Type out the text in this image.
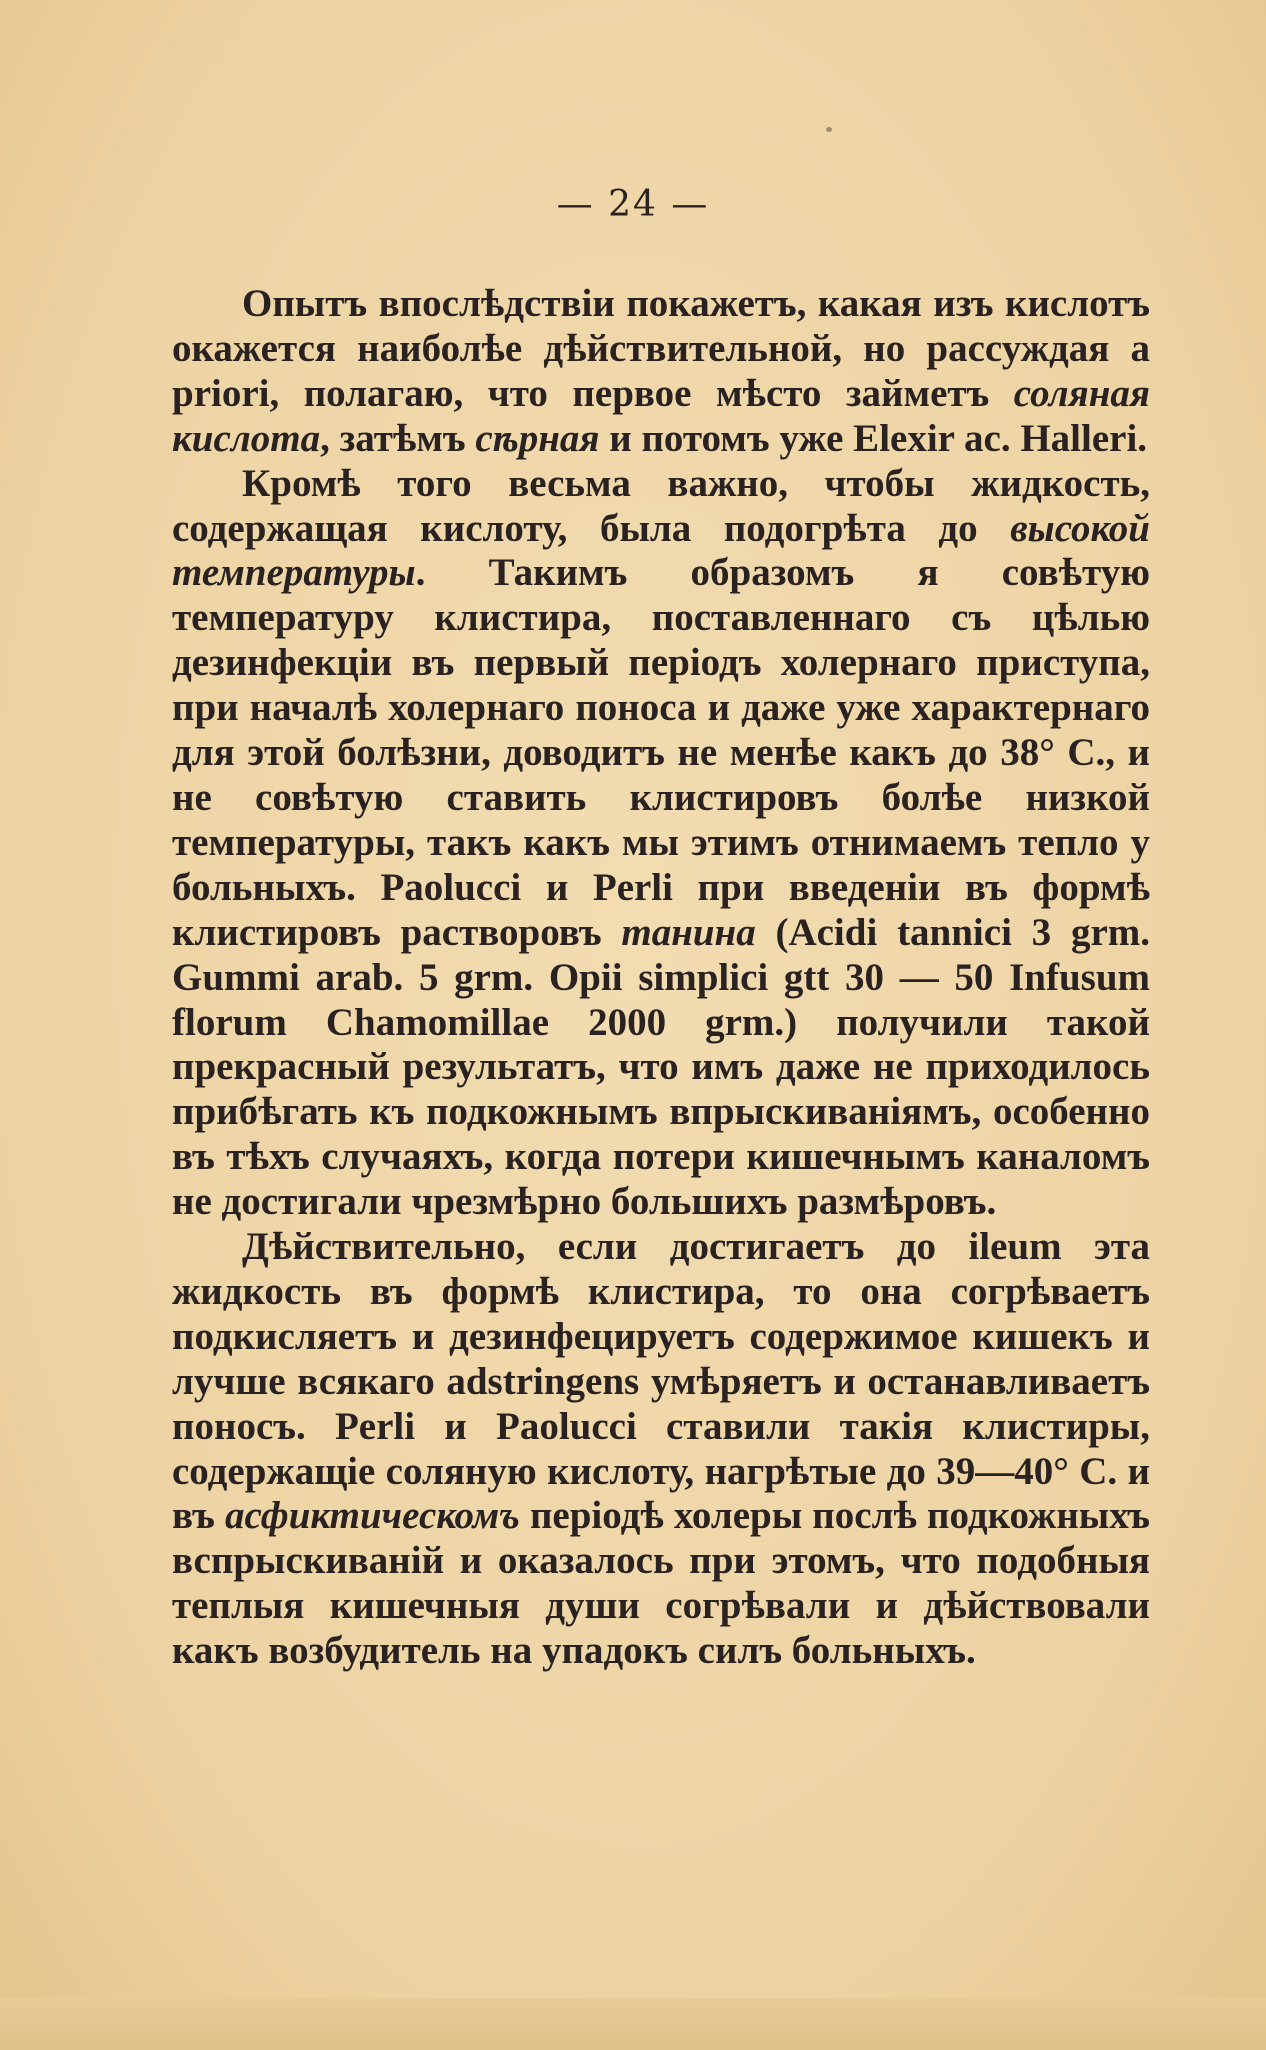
— 24 —

Опытъ впослѣдствіи покажетъ, какая изъ кислотъ окажется наиболѣе дѣйствительной, но рассуждая a priori, полагаю, что первое мѣсто займетъ соляная кислота, затѣмъ сѣрная и потомъ уже Elexir ac. Halleri.

Кромѣ того весьма важно, чтобы жидкость, содержащая кислоту, была подогрѣта до высокой температуры. Такимъ образомъ я совѣтую температуру клистира, поставленнаго съ цѣлью дезинфекціи въ первый періодъ холернаго приступа, при началѣ холернаго поноса и даже уже характернаго для этой болѣзни, доводитъ не менѣе какъ до 38° С., и не совѣтую ставить клистировъ болѣе низкой температуры, такъ какъ мы этимъ отнимаемъ тепло у больныхъ. Paolucci и Perli при введеніи въ формѣ клистировъ растворовъ танина (Acidi tannici 3 grm. Gummi arab. 5 grm. Opii simplici gtt 30 — 50 Infusum florum Chamomillae 2000 grm.) получили такой прекрасный результатъ, что имъ даже не приходилось прибѣгать къ подкожнымъ впрыскиваніямъ, особенно въ тѣхъ случаяхъ, когда потери кишечнымъ каналомъ не достигали чрезмѣрно большихъ размѣровъ.

Дѣйствительно, если достигаетъ до ileum эта жидкость въ формѣ клистира, то она согрѣваетъ подкисляетъ и дезинфецируетъ содержимое кишекъ и лучше всякаго adstringens умѣряетъ и останавливаетъ поносъ. Perli и Paolucci ставили такія клистиры, содержащіе соляную кислоту, нагрѣтые до 39—40° С. и въ асфиктическомъ періодѣ холеры послѣ подкожныхъ вспрыскиваній и оказалось при этомъ, что подобныя теплыя кишечныя души согрѣвали и дѣйствовали какъ возбудитель на упадокъ силъ больныхъ.
